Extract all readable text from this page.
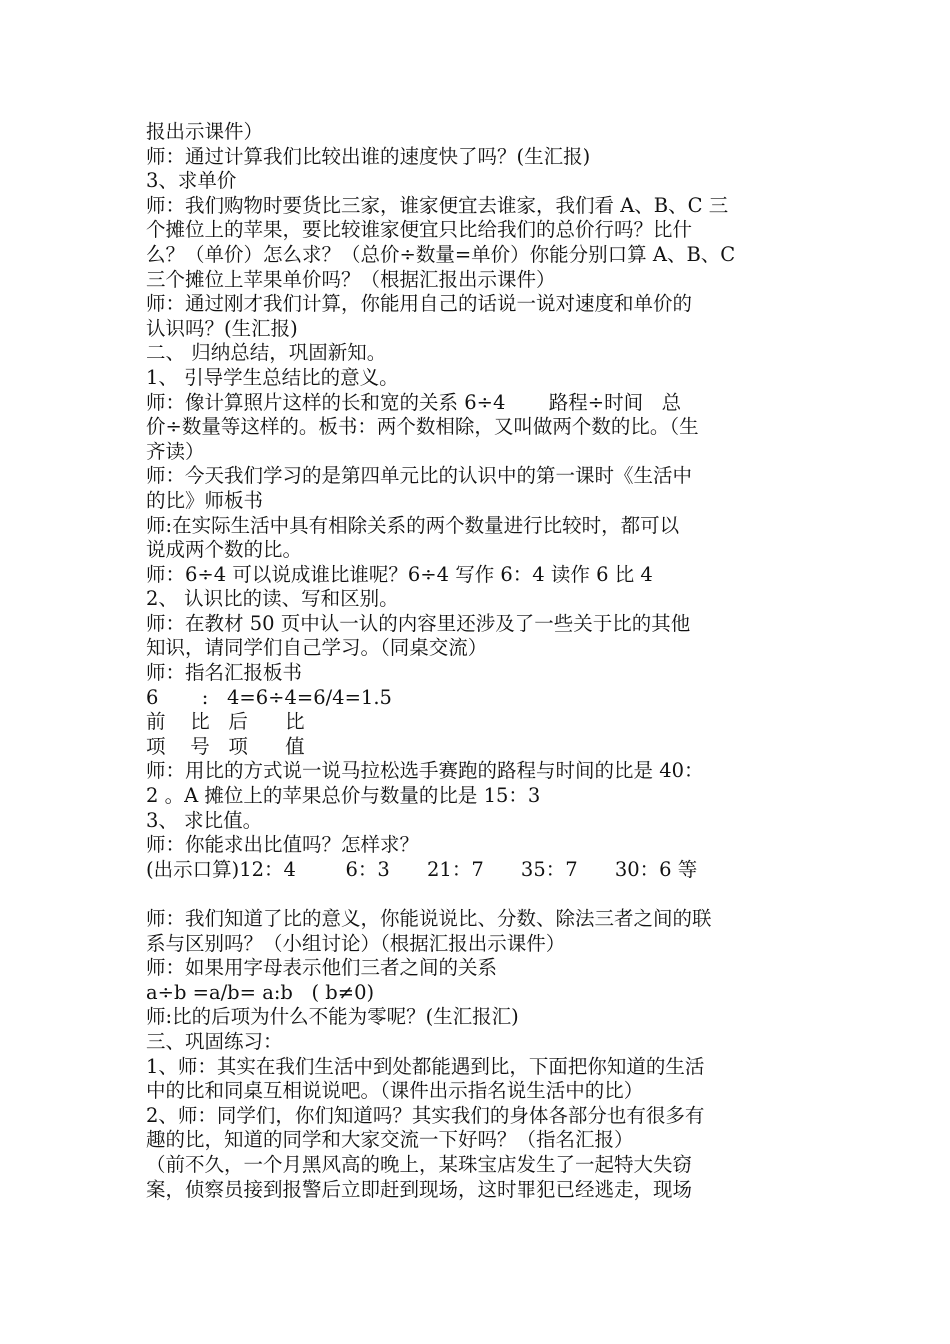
报出示课件）
师：通过计算我们比较出谁的速度快了吗？(生汇报)
3、求单价
师：我们购物时要货比三家，谁家便宜去谁家，我们看 A、B、C 三
个摊位上的苹果，要比较谁家便宜只比给我们的总价行吗？比什
么？（单价）怎么求？（总价÷数量=单价）你能分别口算 A、B、C
三个摊位上苹果单价吗？（根据汇报出示课件）
师：通过刚才我们计算，你能用自己的话说一说对速度和单价的
认识吗？(生汇报)
二、 归纳总结，巩固新知。
1、 引导学生总结比的意义。
师：像计算照片这样的长和宽的关系 6÷4       路程÷时间   总
价÷数量等这样的。板书：两个数相除，又叫做两个数的比。（生
齐读）
师：今天我们学习的是第四单元比的认识中的第一课时《生活中
的比》师板书
师:在实际生活中具有相除关系的两个数量进行比较时，都可以
说成两个数的比。
师：6÷4 可以说成谁比谁呢？6÷4 写作 6：4 读作 6 比 4
2、 认识比的读、写和区别。
师：在教材 50 页中认一认的内容里还涉及了一些关于比的其他
知识，请同学们自己学习。（同桌交流）
师：指名汇报板书
6       :   4=6÷4=6/4=1.5
前    比   后      比
项    号   项      值
师：用比的方式说一说马拉松选手赛跑的路程与时间的比是 40：
2 。A 摊位上的苹果总价与数量的比是 15：3
3、 求比值。
师：你能求出比值吗？怎样求？
(出示口算)12：4        6：3      21：7      35：7      30：6 等
师：我们知道了比的意义，你能说说比、分数、除法三者之间的联
系与区别吗？（小组讨论）（根据汇报出示课件）
师：如果用字母表示他们三者之间的关系
a÷b =a/b= a:b   ( b≠0)
师:比的后项为什么不能为零呢？(生汇报汇)
三、巩固练习：
1、师：其实在我们生活中到处都能遇到比，下面把你知道的生活
中的比和同桌互相说说吧。（课件出示指名说生活中的比）
2、师：同学们，你们知道吗？其实我们的身体各部分也有很多有
趣的比，知道的同学和大家交流一下好吗？（指名汇报）
（前不久，一个月黑风高的晚上，某珠宝店发生了一起特大失窃
案，侦察员接到报警后立即赶到现场，这时罪犯已经逃走，现场
